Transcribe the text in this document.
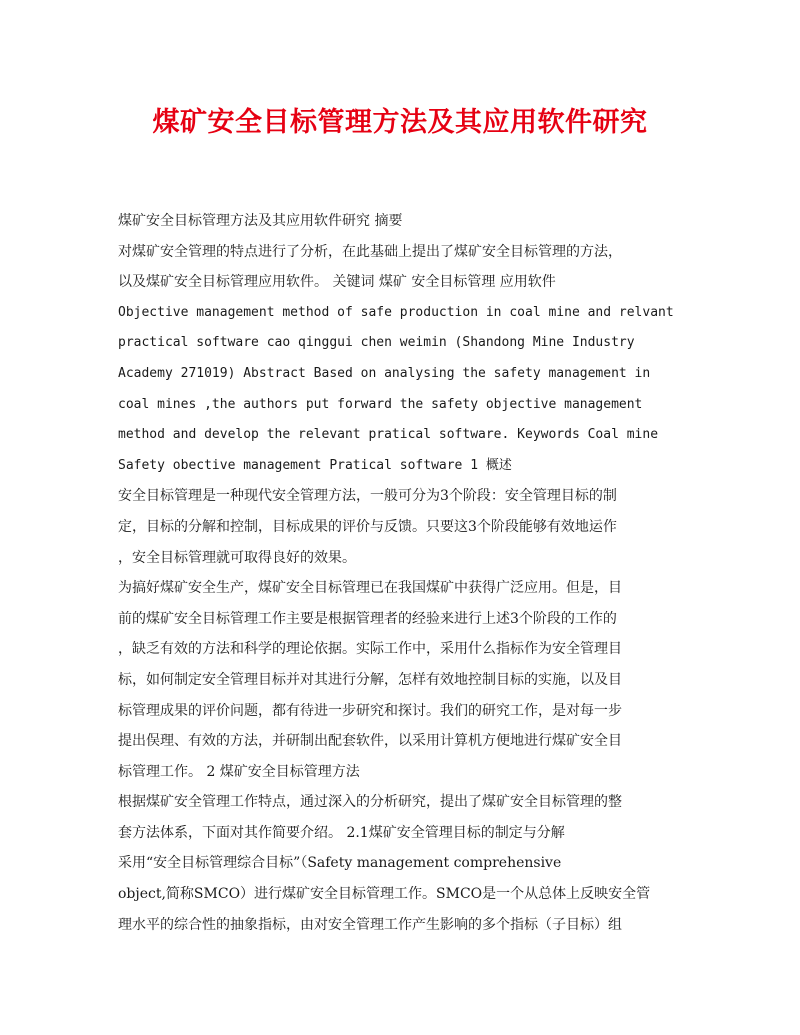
煤矿安全目标管理方法及其应用软件研究
煤矿安全目标管理方法及其应用软件研究 摘要
对煤矿安全管理的特点进行了分析，在此基础上提出了煤矿安全目标管理的方法，
以及煤矿安全目标管理应用软件。 关键词 煤矿 安全目标管理 应用软件
Objective management method of safe production in coal mine and relvant
practical software cao qinggui chen weimin (Shandong Mine Industry
Academy 271019) Abstract Based on analysing the safety management in
coal mines ,the authors put forward the safety objective management
method and develop the relevant pratical software. Keywords Coal mine
Safety obective management Pratical software 1 概述
安全目标管理是一种现代安全管理方法，一般可分为3个阶段：安全管理目标的制
定，目标的分解和控制，目标成果的评价与反馈。只要这3个阶段能够有效地运作
，安全目标管理就可取得良好的效果。
为搞好煤矿安全生产，煤矿安全目标管理已在我国煤矿中获得广泛应用。但是，目
前的煤矿安全目标管理工作主要是根据管理者的经验来进行上述3个阶段的工作的
，缺乏有效的方法和科学的理论依据。实际工作中，采用什么指标作为安全管理目
标，如何制定安全管理目标并对其进行分解，怎样有效地控制目标的实施，以及目
标管理成果的评价问题，都有待进一步研究和探讨。我们的研究工作，是对每一步
提出俣理、有效的方法，并研制出配套软件，以采用计算机方便地进行煤矿安全目
标管理工作。 2 煤矿安全目标管理方法
根据煤矿安全管理工作特点，通过深入的分析研究，提出了煤矿安全目标管理的整
套方法体系，下面对其作简要介绍。 2.1煤矿安全管理目标的制定与分解
采用“安全目标管理综合目标”（Safety management comprehensive
object,简称SMCO）进行煤矿安全目标管理工作。SMCO是一个从总体上反映安全管
理水平的综合性的抽象指标，由对安全管理工作产生影响的多个指标（子目标）组
